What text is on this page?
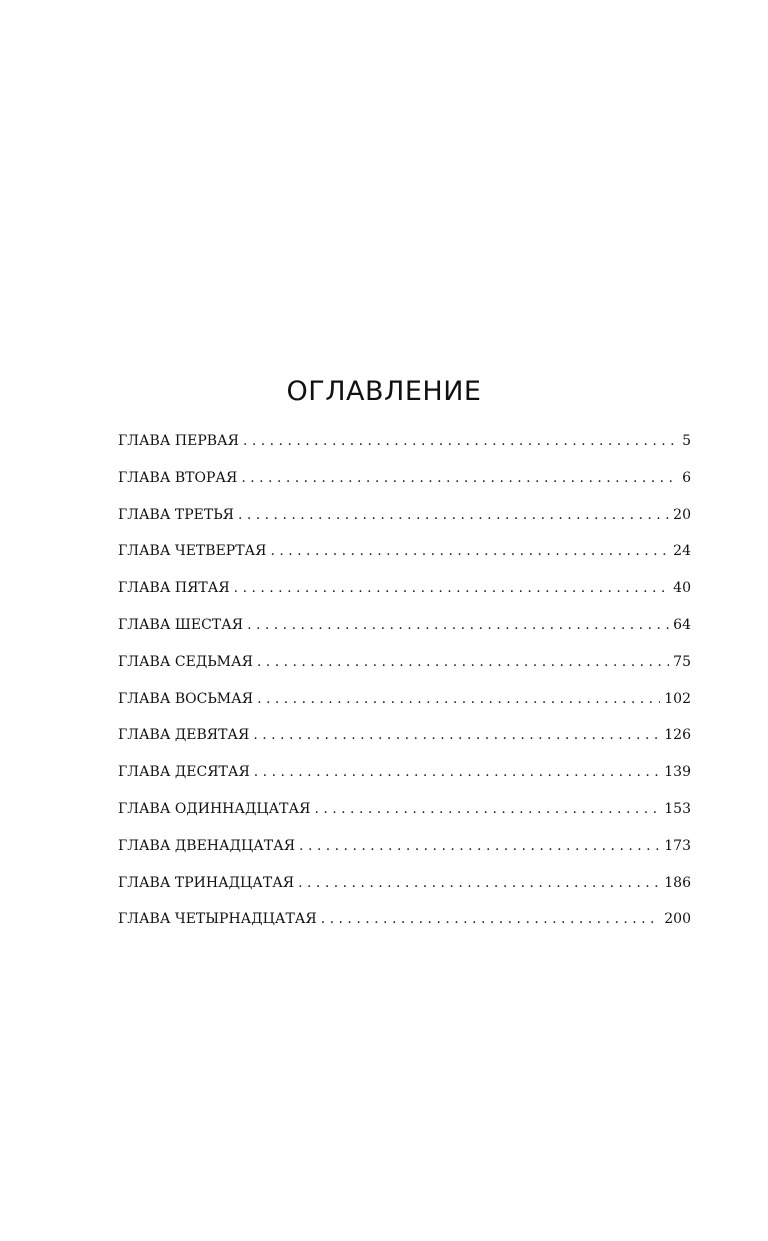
ОГЛАВЛЕНИЕ
ГЛАВА ПЕРВАЯ . . .	5
ГЛАВА ВТОРАЯ . . .	6
ГЛАВА ТРЕТЬЯ . . .	20
ГЛАВА ЧЕТВЕРТАЯ . . .	24
ГЛАВА ПЯТАЯ . . .	40
ГЛАВА ШЕСТАЯ . . .	64
ГЛАВА СЕДЬМАЯ . . .	75
ГЛАВА ВОСЬМАЯ . . .	102
ГЛАВА ДЕВЯТАЯ . . .	126
ГЛАВА ДЕСЯТАЯ . . .	139
ГЛАВА ОДИННАДЦАТАЯ . . .	153
ГЛАВА ДВЕНАДЦАТАЯ . . .	173
ГЛАВА ТРИНАДЦАТАЯ . . .	186
ГЛАВА ЧЕТЫРНАДЦАТАЯ . . .	200
